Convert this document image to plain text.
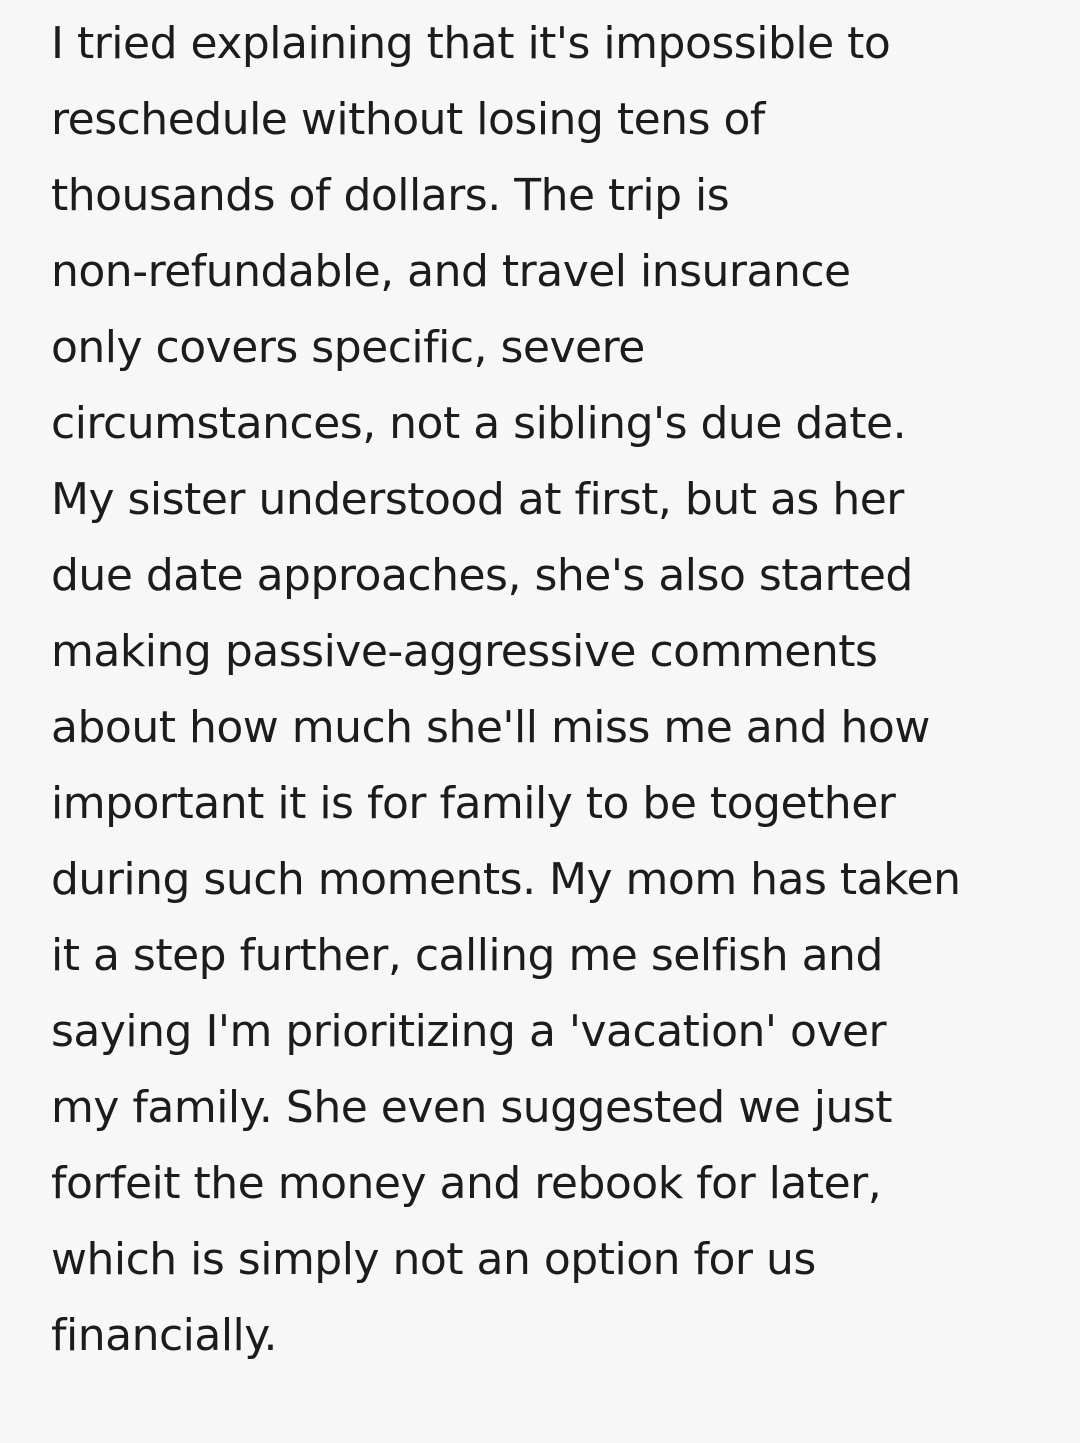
I tried explaining that it's impossible to
reschedule without losing tens of
thousands of dollars. The trip is
non-refundable, and travel insurance
only covers specific, severe
circumstances, not a sibling's due date.
My sister understood at first, but as her
due date approaches, she's also started
making passive-aggressive comments
about how much she'll miss me and how
important it is for family to be together
during such moments. My mom has taken
it a step further, calling me selfish and
saying I'm prioritizing a 'vacation' over
my family. She even suggested we just
forfeit the money and rebook for later,
which is simply not an option for us
financially.
